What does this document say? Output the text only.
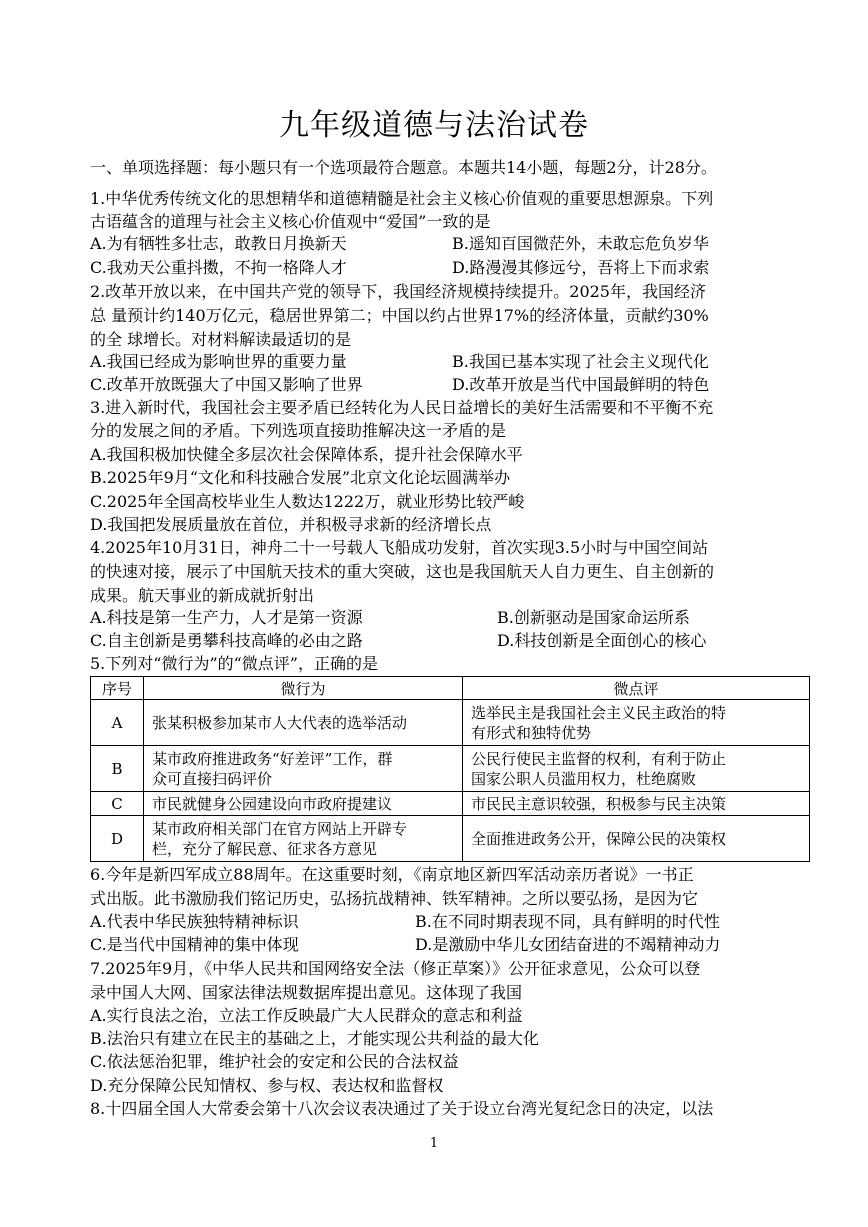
九年级道德与法治试卷
一、单项选择题：每小题只有一个选项最符合题意。本题共14小题，每题2分，计28分。
1.中华优秀传统文化的思想精华和道德精髓是社会主义核心价值观的重要思想源泉。下列
古语蕴含的道理与社会主义核心价值观中“爱国”一致的是
A.为有牺牲多壮志，敢教日月换新天	B.遥知百国微茫外，未敢忘危负岁华
C.我劝天公重抖擞，不拘一格降人才	D.路漫漫其修远兮，吾将上下而求索
2.改革开放以来，在中国共产党的领导下，我国经济规模持续提升。2025年，我国经济
总 量预计约140万亿元，稳居世界第二；中国以约占世界17%的经济体量，贡献约30%
的全 球增长。对材料解读最适切的是
A.我国已经成为影响世界的重要力量	B.我国已基本实现了社会主义现代化
C.改革开放既强大了中国又影响了世界	D.改革开放是当代中国最鲜明的特色
3.进入新时代，我国社会主要矛盾已经转化为人民日益增长的美好生活需要和不平衡不充
分的发展之间的矛盾。下列选项直接助推解决这一矛盾的是
A.我国积极加快健全多层次社会保障体系，提升社会保障水平
B.2025年9月“文化和科技融合发展”北京文化论坛圆满举办
C.2025年全国高校毕业生人数达1222万，就业形势比较严峻
D.我国把发展质量放在首位，并积极寻求新的经济增长点
4.2025年10月31日，神舟二十一号载人飞船成功发射，首次实现3.5小时与中国空间站
的快速对接，展示了中国航天技术的重大突破，这也是我国航天人自力更生、自主创新的
成果。航天事业的新成就折射出
A.科技是第一生产力，人才是第一资源	B.创新驱动是国家命运所系
C.自主创新是勇攀科技高峰的必由之路	D.科技创新是全面创心的核心
5.下列对“微行为”的“微点评”，正确的是
序号	微行为	微点评
A	张某积极参加某市人大代表的选举活动	选举民主是我国社会主义民主政治的特
有形式和独特优势
B	某市政府推进政务“好差评”工作，群
众可直接扫码评价	公民行使民主监督的权利，有利于防止
国家公职人员滥用权力，杜绝腐败
C	市民就健身公园建设向市政府提建议	市民民主意识较强，积极参与民主决策
D	某市政府相关部门在官方网站上开辟专
栏，充分了解民意、征求各方意见	全面推进政务公开，保障公民的决策权
6.今年是新四军成立88周年。在这重要时刻，《南京地区新四军活动亲历者说》一书正
式出版。此书激励我们铭记历史，弘扬抗战精神、铁军精神。之所以要弘扬，是因为它
A.代表中华民族独特精神标识	B.在不同时期表现不同，具有鲜明的时代性
C.是当代中国精神的集中体现	D.是激励中华儿女团结奋进的不竭精神动力
7.2025年9月，《中华人民共和国网络安全法（修正草案）》公开征求意见，公众可以登
录中国人大网、国家法律法规数据库提出意见。这体现了我国
A.实行良法之治，立法工作反映最广大人民群众的意志和利益
B.法治只有建立在民主的基础之上，才能实现公共利益的最大化
C.依法惩治犯罪，维护社会的安定和公民的合法权益
D.充分保障公民知情权、参与权、表达权和监督权
8.十四届全国人大常委会第十八次会议表决通过了关于设立台湾光复纪念日的决定，以法
1
